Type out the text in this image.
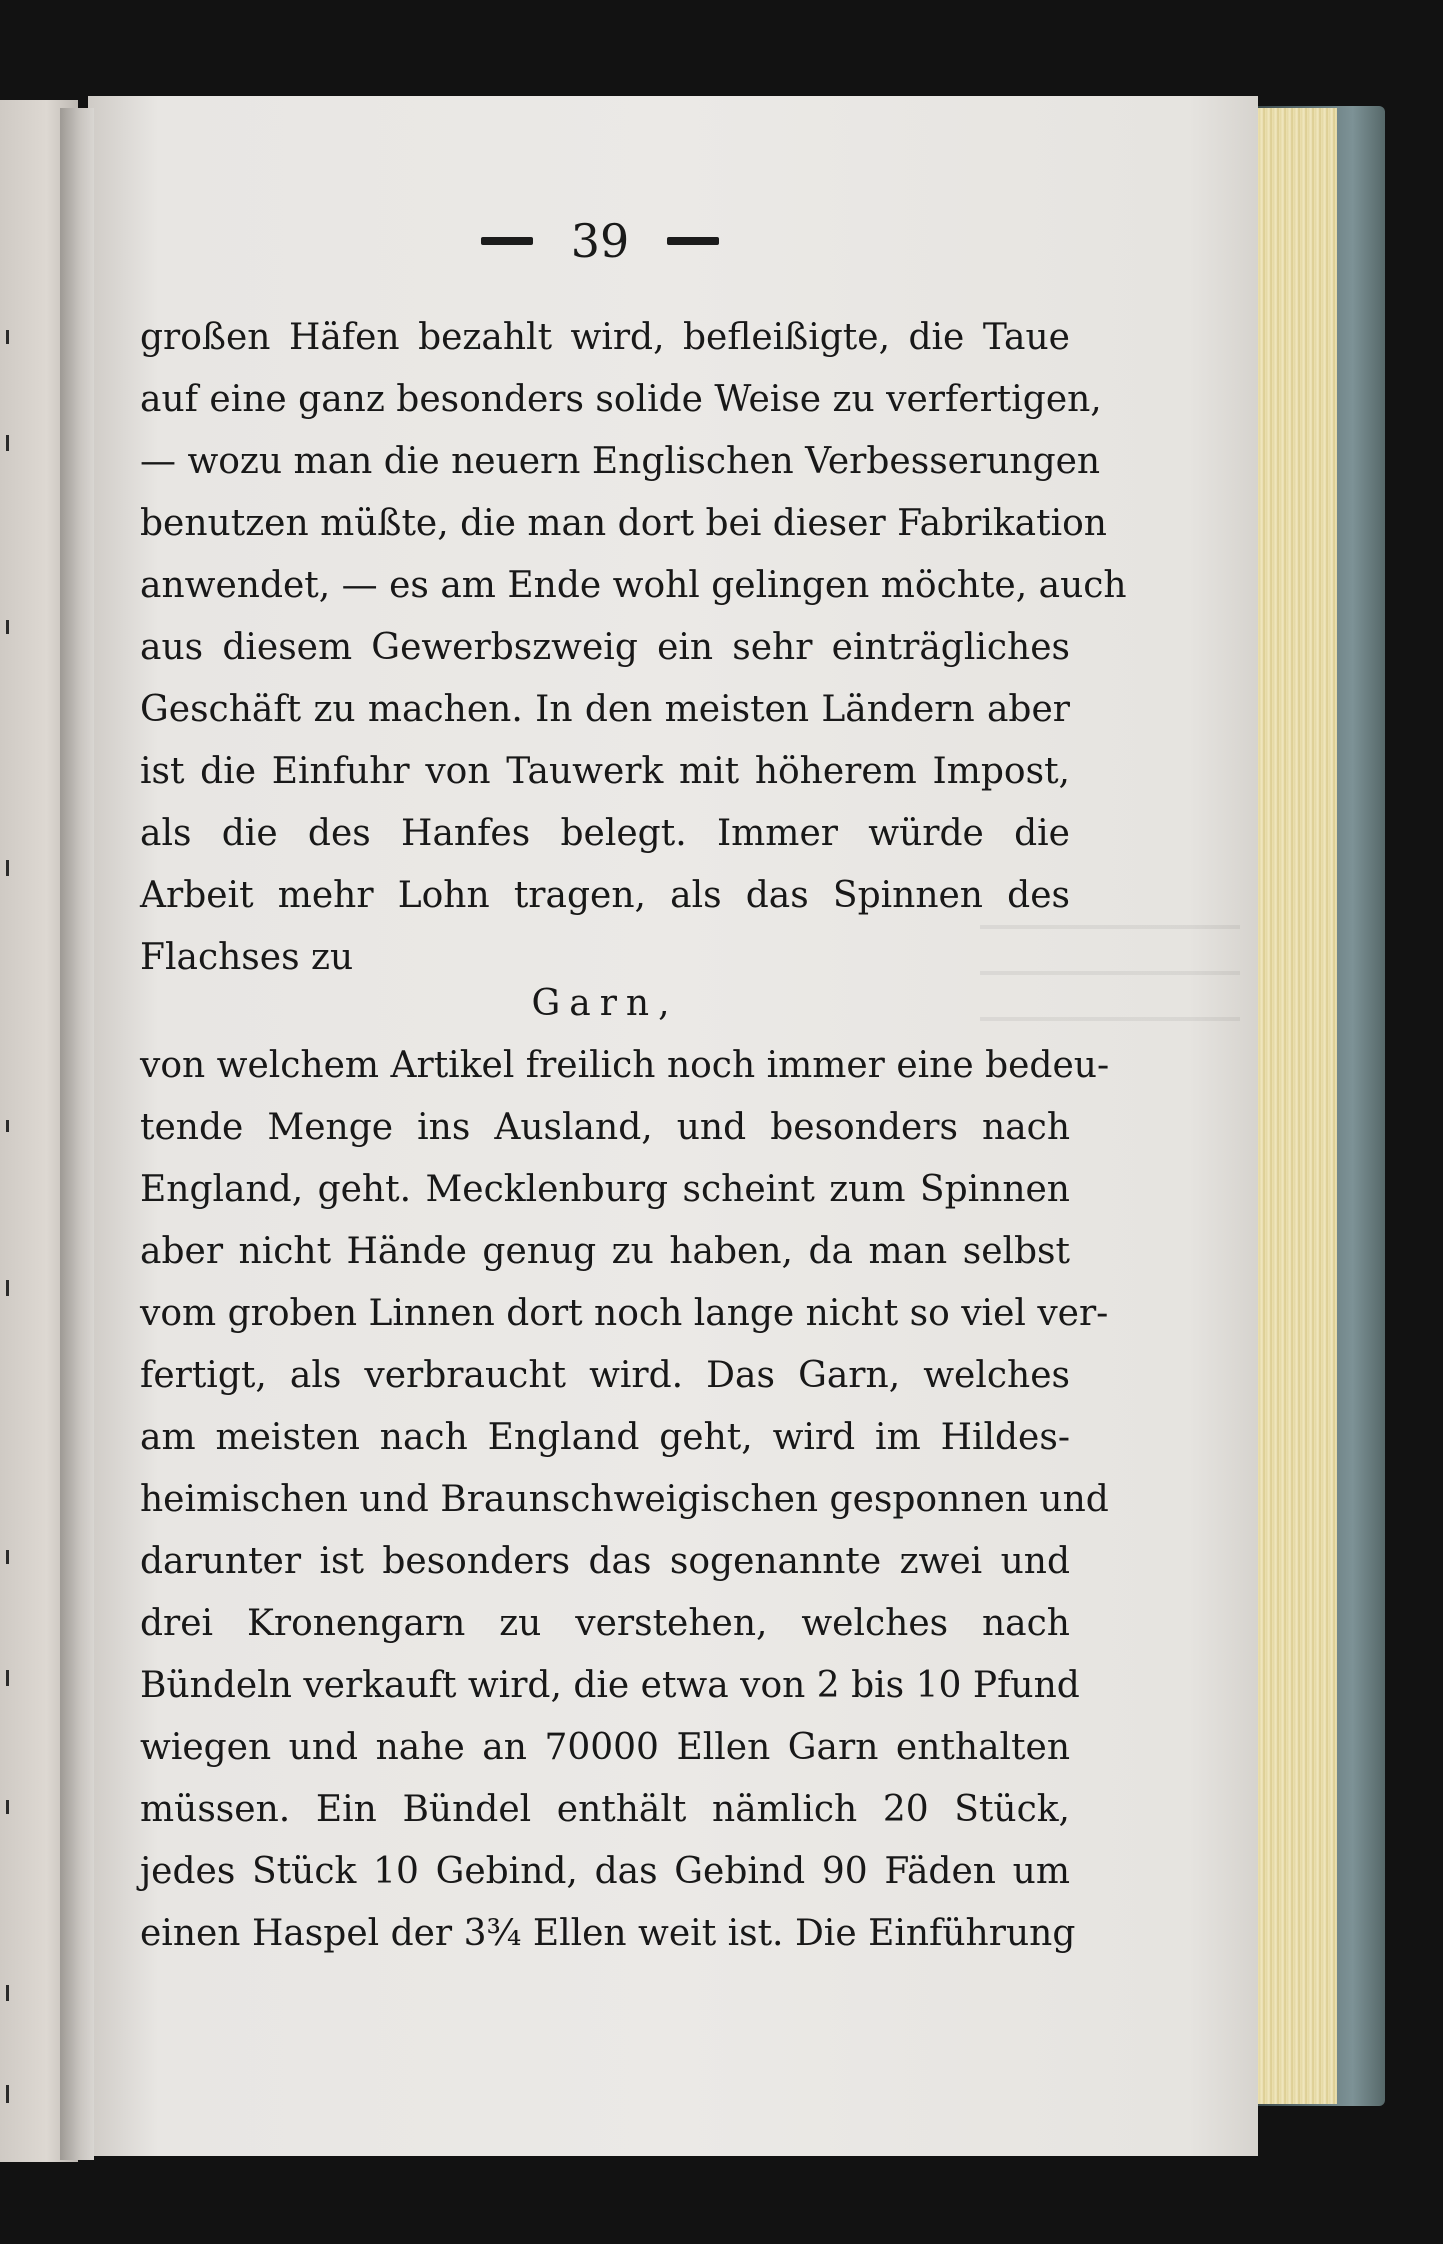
39
großen Häfen bezahlt wird, befleißigte, die Taue
auf eine ganz besonders solide Weise zu verfertigen,
— wozu man die neuern Englischen Verbesserungen
benutzen müßte, die man dort bei dieser Fabrikation
anwendet, — es am Ende wohl gelingen möchte, auch
aus diesem Gewerbszweig ein sehr einträgliches
Geschäft zu machen. In den meisten Ländern aber
ist die Einfuhr von Tauwerk mit höherem Impost,
als die des Hanfes belegt. Immer würde die
Arbeit mehr Lohn tragen, als das Spinnen des
Flachses zu
Garn,
von welchem Artikel freilich noch immer eine bedeu-
tende Menge ins Ausland, und besonders nach
England, geht. Mecklenburg scheint zum Spinnen
aber nicht Hände genug zu haben, da man selbst
vom groben Linnen dort noch lange nicht so viel ver-
fertigt, als verbraucht wird. Das Garn, welches
am meisten nach England geht, wird im Hildes-
heimischen und Braunschweigischen gesponnen und
darunter ist besonders das sogenannte zwei und
drei Kronengarn zu verstehen, welches nach
Bündeln verkauft wird, die etwa von 2 bis 10 Pfund
wiegen und nahe an 70000 Ellen Garn enthalten
müssen. Ein Bündel enthält nämlich 20 Stück,
jedes Stück 10 Gebind, das Gebind 90 Fäden um
einen Haspel der 3¾ Ellen weit ist. Die Einführung
